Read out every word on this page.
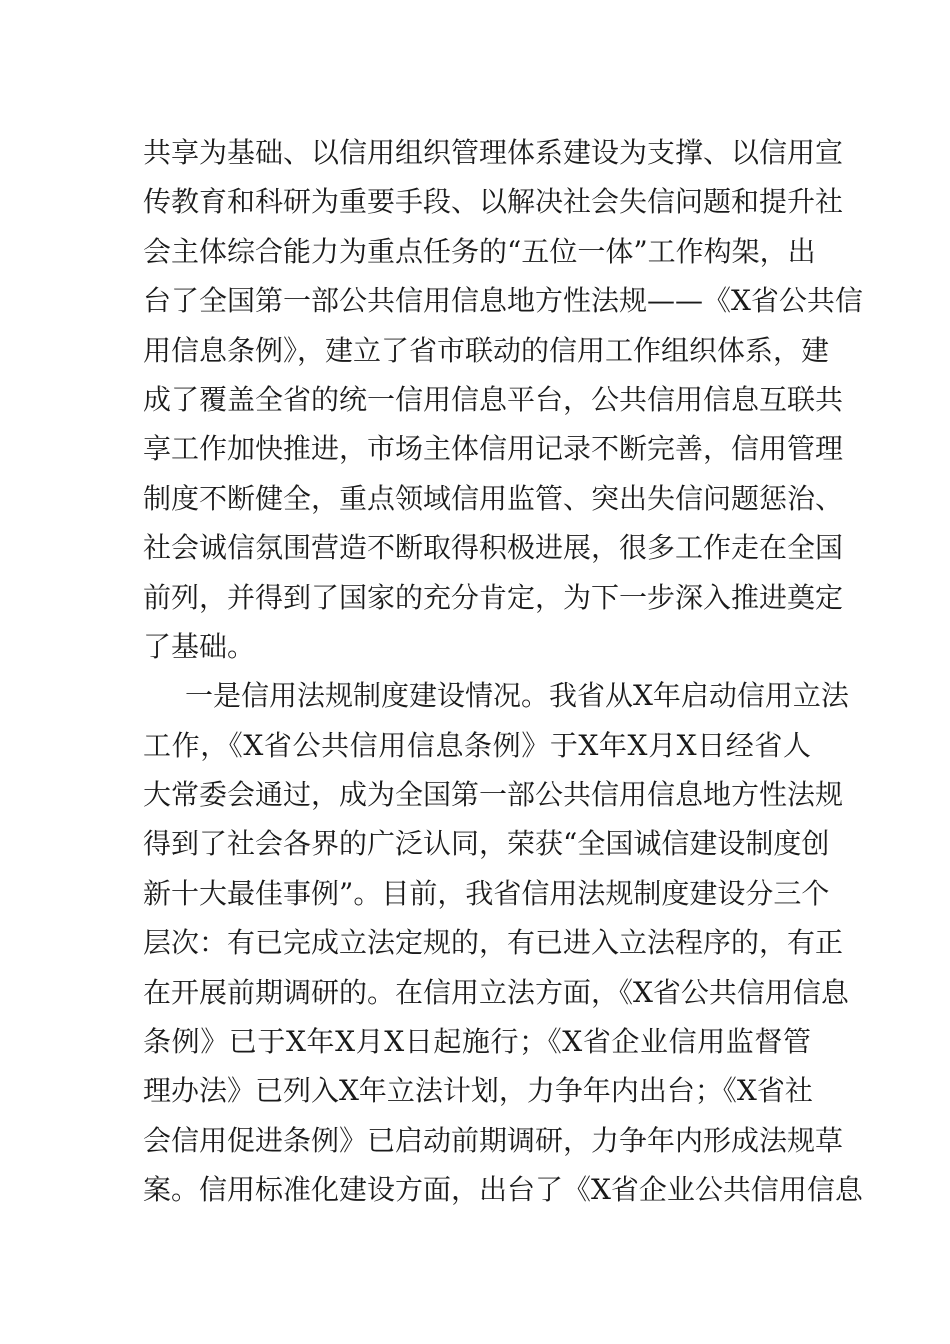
共享为基础、以信用组织管理体系建设为支撑、以信用宣
传教育和科研为重要手段、以解决社会失信问题和提升社
会主体综合能力为重点任务的“五位一体”工作构架，出
台了全国第一部公共信用信息地方性法规——《X省公共信
用信息条例》，建立了省市联动的信用工作组织体系，建
成了覆盖全省的统一信用信息平台，公共信用信息互联共
享工作加快推进，市场主体信用记录不断完善，信用管理
制度不断健全，重点领域信用监管、突出失信问题惩治、
社会诚信氛围营造不断取得积极进展，很多工作走在全国
前列，并得到了国家的充分肯定，为下一步深入推进奠定
了基础。
一是信用法规制度建设情况。我省从X年启动信用立法
工作，《X省公共信用信息条例》于X年X月X日经省人
大常委会通过，成为全国第一部公共信用信息地方性法规
得到了社会各界的广泛认同，荣获“全国诚信建设制度创
新十大最佳事例”。目前，我省信用法规制度建设分三个
层次：有已完成立法定规的，有已进入立法程序的，有正
在开展前期调研的。在信用立法方面，《X省公共信用信息
条例》已于X年X月X日起施行；《X省企业信用监督管
理办法》已列入X年立法计划，力争年内出台；《X省社
会信用促进条例》已启动前期调研，力争年内形成法规草
案。信用标准化建设方面，出台了《X省企业公共信用信息
